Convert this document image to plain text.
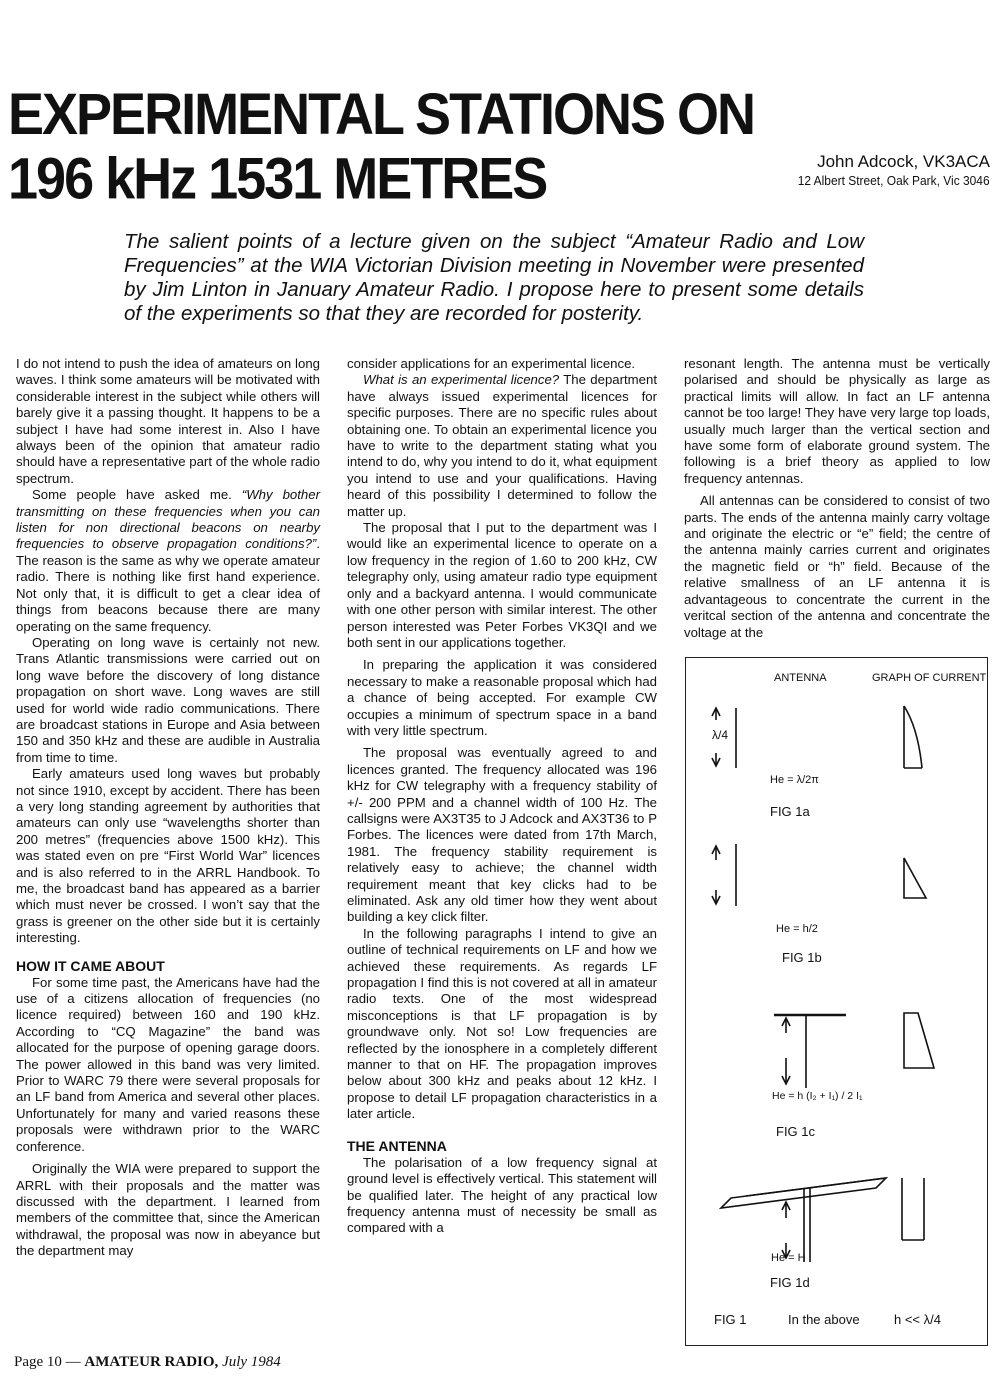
EXPERIMENTAL STATIONS ON
196 kHz 1531 METRES	John Adcock, VK3ACA
12 Albert Street, Oak Park, Vic 3046

The salient points of a lecture given on the subject “Amateur Radio and Low Frequencies” at the WIA Victorian Division meeting in November were presented by Jim Linton in January Amateur Radio. I propose here to present some details of the experiments so that they are recorded for posterity.

I do not intend to push the idea of amateurs on long waves. I think some amateurs will be motivated with considerable interest in the subject while others will barely give it a passing thought. It happens to be a subject I have had some interest in. Also I have always been of the opinion that amateur radio should have a representative part of the whole radio spectrum.

Some people have asked me. “Why bother transmitting on these frequencies when you can listen for non directional beacons on nearby frequencies to observe propagation conditions?”. The reason is the same as why we operate amateur radio. There is nothing like first hand experience. Not only that, it is difficult to get a clear idea of things from beacons because there are many operating on the same frequency.

Operating on long wave is certainly not new. Trans Atlantic transmissions were carried out on long wave before the discovery of long distance propagation on short wave. Long waves are still used for world wide radio communications. There are broadcast stations in Europe and Asia between 150 and 350 kHz and these are audible in Australia from time to time.

Early amateurs used long waves but probably not since 1910, except by accident. There has been a very long standing agreement by authorities that amateurs can only use “wavelengths shorter than 200 metres” (frequencies above 1500 kHz). This was stated even on pre “First World War” licences and is also referred to in the ARRL Handbook. To me, the broadcast band has appeared as a barrier which must never be crossed. I won’t say that the grass is greener on the other side but it is certainly interesting.

HOW IT CAME ABOUT

For some time past, the Americans have had the use of a citizens allocation of frequencies (no licence required) between 160 and 190 kHz. According to “CQ Magazine” the band was allocated for the purpose of opening garage doors. The power allowed in this band was very limited. Prior to WARC 79 there were several proposals for an LF band from America and several other places. Unfortunately for many and varied reasons these proposals were withdrawn prior to the WARC conference.

Originally the WIA were prepared to support the ARRL with their proposals and the matter was discussed with the department. I learned from members of the committee that, since the American withdrawal, the proposal was now in abeyance but the department may

consider applications for an experimental licence.

What is an experimental licence? The department have always issued experimental licences for specific purposes. There are no specific rules about obtaining one. To obtain an experimental licence you have to write to the department stating what you intend to do, why you intend to do it, what equipment you intend to use and your qualifications. Having heard of this possibility I determined to follow the matter up.

The proposal that I put to the department was I would like an experimental licence to operate on a low frequency in the region of 1.60 to 200 kHz, CW telegraphy only, using amateur radio type equipment only and a backyard antenna. I would communicate with one other person with similar interest. The other person interested was Peter Forbes VK3QI and we both sent in our applications together.

In preparing the application it was considered necessary to make a reasonable proposal which had a chance of being accepted. For example CW occupies a minimum of spectrum space in a band with very little spectrum.

The proposal was eventually agreed to and licences granted. The frequency allocated was 196 kHz for CW telegraphy with a frequency stability of +/- 200 PPM and a channel width of 100 Hz. The callsigns were AX3T35 to J Adcock and AX3T36 to P Forbes. The licences were dated from 17th March, 1981. The frequency stability requirement is relatively easy to achieve; the channel width requirement meant that key clicks had to be eliminated. Ask any old timer how they went about building a key click filter.

In the following paragraphs I intend to give an outline of technical requirements on LF and how we achieved these requirements. As regards LF propagation I find this is not covered at all in amateur radio texts. One of the most widespread misconceptions is that LF propagation is by groundwave only. Not so! Low frequencies are reflected by the ionosphere in a completely different manner to that on HF. The propagation improves below about 300 kHz and peaks about 12 kHz. I propose to detail LF propagation characteristics in a later article.

THE ANTENNA

The polarisation of a low frequency signal at ground level is effectively vertical. This statement will be qualified later. The height of any practical low frequency antenna must of necessity be small as compared with a

resonant length. The antenna must be vertically polarised and should be physically as large as practical limits will allow. In fact an LF antenna cannot be too large! They have very large top loads, usually much larger than the vertical section and have some form of elaborate ground system. The following is a brief theory as applied to low frequency antennas.

All antennas can be considered to consist of two parts. The ends of the antenna mainly carry voltage and originate the electric or “e” field; the centre of the antenna mainly carries current and originates the magnetic field or “h” field. Because of the relative smallness of an LF antenna it is advantageous to concentrate the current in the veritcal section of the antenna and concentrate the voltage at the

ANTENNA	GRAPH OF CURRENT
λ/4
He = λ/2π
FIG 1a
He = h/2
FIG 1b
He = h (I₂ + I₁) / 2 I₁
FIG 1c
He = H
FIG 1d
FIG 1	In the above	h << λ/4
Page 10 — AMATEUR RADIO, July 1984
